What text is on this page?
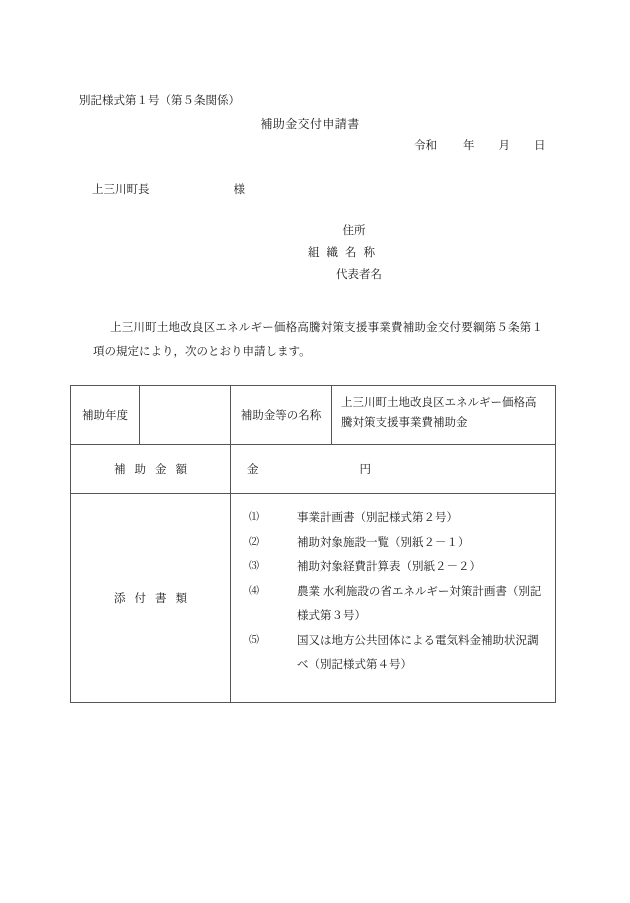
別記様式第１号（第５条関係）
補助金交付申請書
令和 年 月 日
上三川町長	様
住所
組織名称
代表者名
上三川町土地改良区エネルギー価格高騰対策支援事業費補助金交付要綱第５条第１項の規定により，次のとおり申請します。
補助年度		補助金等の名称	上三川町土地改良区エネルギー価格高騰対策支援事業費補助金
補助金額		金 円	
添付書類	
⑴	事業計画書（別記様式第２号）
⑵	補助対象施設一覧（別紙２－１）
⑶	補助対象経費計算表（別紙２－２）
⑷	農業 水利施設の省エネルギー対策計画書（別記様式第３号）
⑸	国又は地方公共団体による電気料金補助状況調べ（別記様式第４号）
